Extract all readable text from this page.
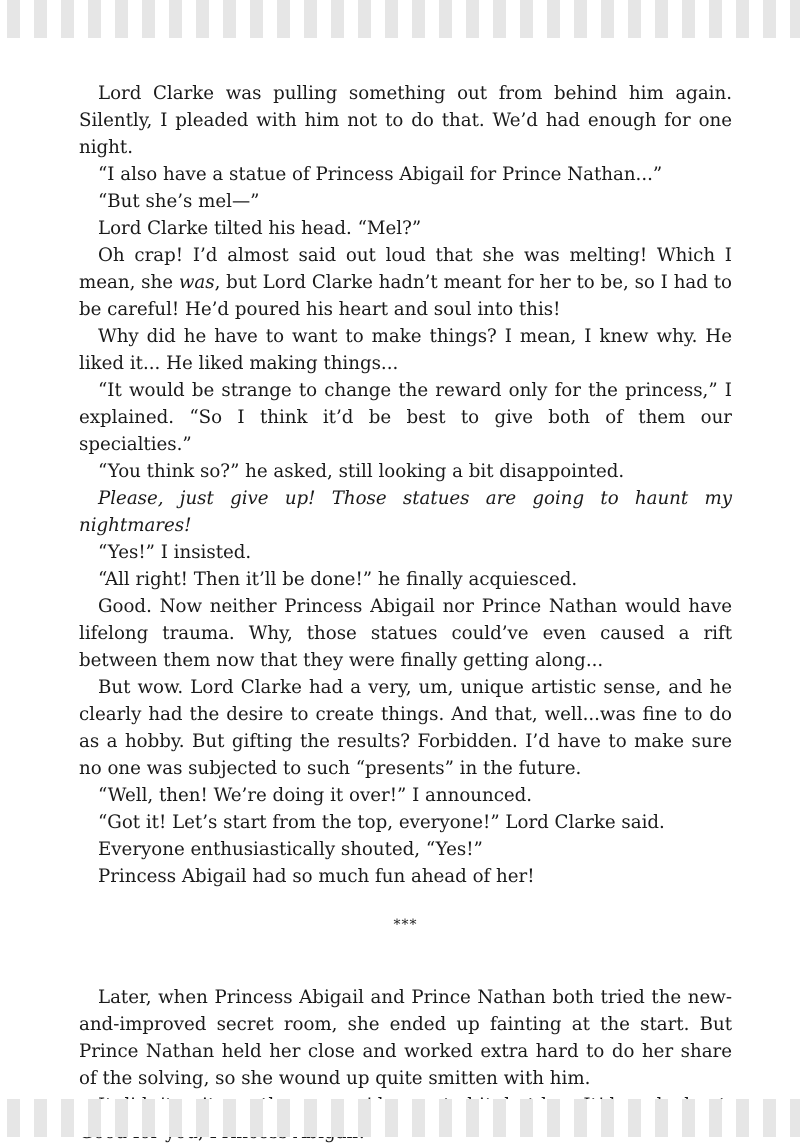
Lord Clarke was pulling something out from behind him again. Silently, I pleaded with him not to do that. We’d had enough for one night.

“I also have a statue of Princess Abigail for Prince Nathan...”

“But she’s mel—”

Lord Clarke tilted his head. “Mel?”

Oh crap! I’d almost said out loud that she was melting! Which I mean, she was, but Lord Clarke hadn’t meant for her to be, so I had to be careful! He’d poured his heart and soul into this!

Why did he have to want to make things? I mean, I knew why. He liked it... He liked making things...

“It would be strange to change the reward only for the princess,” I explained. “So I think it’d be best to give both of them our specialties.”

“You think so?” he asked, still looking a bit disappointed.

Please, just give up! Those statues are going to haunt my nightmares!

“Yes!” I insisted.

“All right! Then it’ll be done!” he finally acquiesced.

Good. Now neither Princess Abigail nor Prince Nathan would have lifelong trauma. Why, those statues could’ve even caused a rift between them now that they were finally getting along...

But wow. Lord Clarke had a very, um, unique artistic sense, and he clearly had the desire to create things. And that, well...was fine to do as a hobby. But gifting the results? Forbidden. I’d have to make sure no one was subjected to such “presents” in the future.

“Well, then! We’re doing it over!” I announced.

“Got it! Let’s start from the top, everyone!” Lord Clarke said.

Everyone enthusiastically shouted, “Yes!”

Princess Abigail had so much fun ahead of her!

***

Later, when Princess Abigail and Prince Nathan both tried the new-and-improved secret room, she ended up fainting at the start. But Prince Nathan held her close and worked extra hard to do her share of the solving, so she wound up quite smitten with him.
